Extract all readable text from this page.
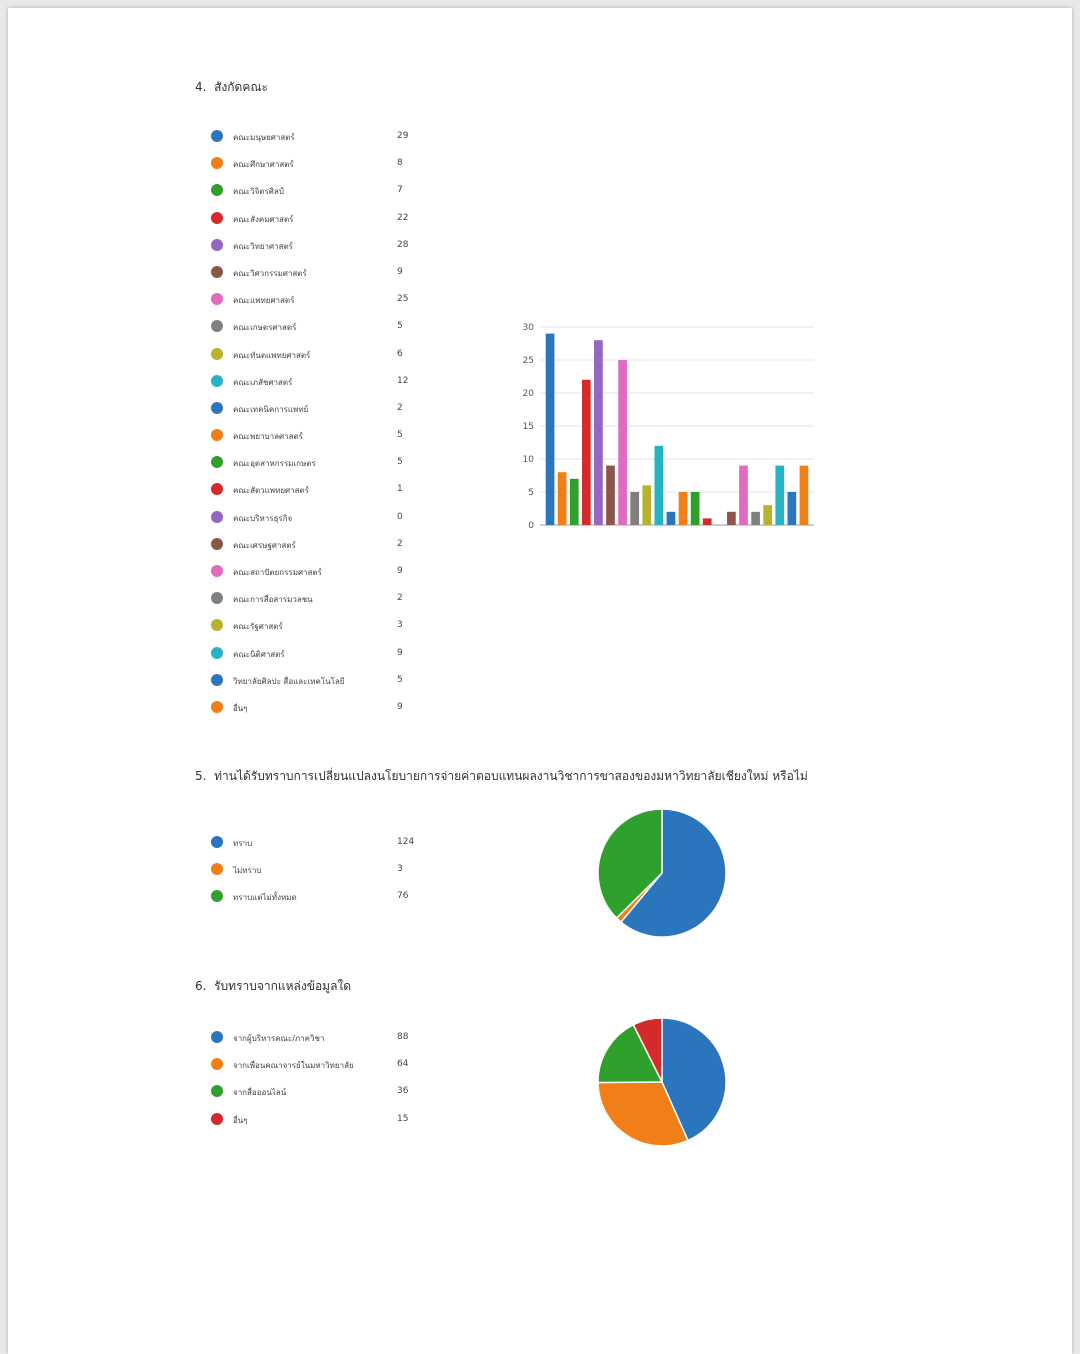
4. สังกัดคณะ
คณะมนุษยศาสตร์	29
คณะศึกษาศาสตร์	8
คณะวิจิตรศิลป์	7
คณะสังคมศาสตร์	22
คณะวิทยาศาสตร์	28
คณะวิศวกรรมศาสตร์	9
คณะแพทยศาสตร์	25
คณะเกษตรศาสตร์	5
คณะทันตแพทยศาสตร์	6
คณะเภสัชศาสตร์	12
คณะเทคนิคการแพทย์	2
คณะพยาบาลศาสตร์	5
คณะอุตสาหกรรมเกษตร	5
คณะสัตวแพทยศาสตร์	1
คณะบริหารธุรกิจ	0
คณะเศรษฐศาสตร์	2
คณะสถาปัตยกรรมศาสตร์	9
คณะการสื่อสารมวลชน	2
คณะรัฐศาสตร์	3
คณะนิติศาสตร์	9
วิทยาลัยศิลปะ สื่อและเทคโนโลยี	5
อื่นๆ	9
0
5
10
15
20
25
30
5. ท่านได้รับทราบการเปลี่ยนแปลงนโยบายการจ่ายค่าตอบแทนผลงานวิชาการขาสองของมหาวิทยาลัยเชียงใหม่ หรือไม่
ทราบ	124
ไม่ทราบ	3
ทราบแต่ไม่ทั้งหมด	76
6. รับทราบจากแหล่งข้อมูลใด
จากผู้บริหารคณะ/ภาควิชา	88
จากเพื่อนคณาจารย์ในมหาวิทยาลัย	64
จากสื่อออนไลน์	36
อื่นๆ	15
